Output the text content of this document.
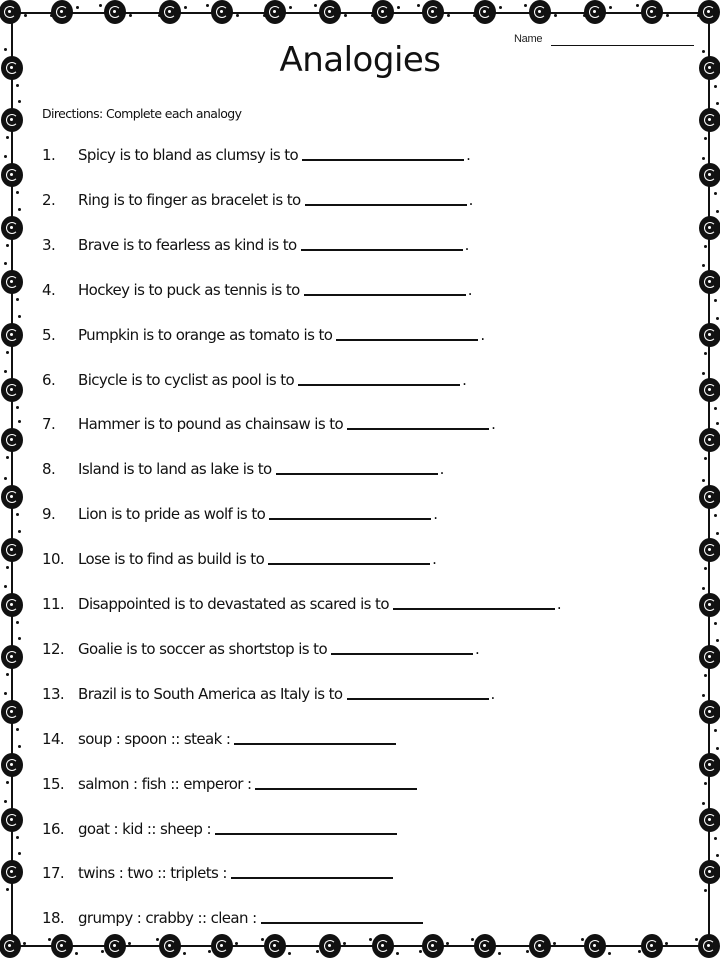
Name
Analogies
Directions: Complete each analogy
1.	Spicy is to bland as clumsy is to	.
2.	Ring is to finger as bracelet is to	.
3.	Brave is to fearless as kind is to	.
4.	Hockey is to puck as tennis is to	.
5.	Pumpkin is to orange as tomato is to	.
6.	Bicycle is to cyclist as pool is to	.
7.	Hammer is to pound as chainsaw is to	.
8.	Island is to land as lake is to	.
9.	Lion is to pride as wolf is to	.
10. Lose is to find as build is to	.
11. Disappointed is to devastated as scared is to	.
12. Goalie is to soccer as shortstop is to	.
13. Brazil is to South America as Italy is to	.
14. soup : spoon :: steak :
15. salmon : fish :: emperor :
16. goat : kid :: sheep :
17. twins : two :: triplets :
18. grumpy : crabby :: clean :
